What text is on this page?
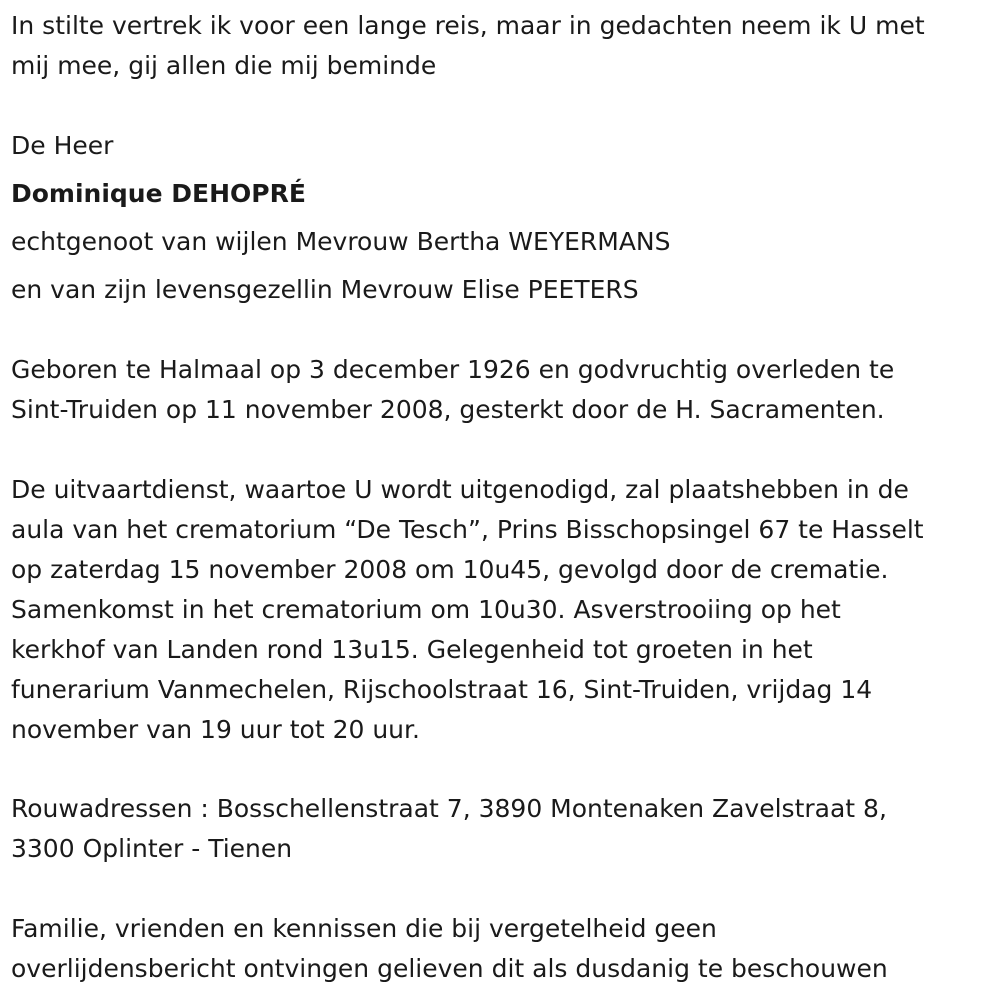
In stilte vertrek ik voor een lange reis, maar in gedachten neem ik U met
mij mee, gij allen die mij beminde

De Heer

Dominique DEHOPRÉ

echtgenoot van wijlen Mevrouw Bertha WEYERMANS

en van zijn levensgezellin Mevrouw Elise PEETERS

Geboren te Halmaal op 3 december 1926 en godvruchtig overleden te
Sint-Truiden op 11 november 2008, gesterkt door de H. Sacramenten.

De uitvaartdienst, waartoe U wordt uitgenodigd, zal plaatshebben in de
aula van het crematorium “De Tesch”, Prins Bisschopsingel 67 te Hasselt
op zaterdag 15 november 2008 om 10u45, gevolgd door de crematie.
Samenkomst in het crematorium om 10u30. Asverstrooiing op het
kerkhof van Landen rond 13u15. Gelegenheid tot groeten in het
funerarium Vanmechelen, Rijschoolstraat 16, Sint-Truiden, vrijdag 14
november van 19 uur tot 20 uur.

Rouwadressen : Bosschellenstraat 7, 3890 Montenaken Zavelstraat 8,
3300 Oplinter - Tienen

Familie, vrienden en kennissen die bij vergetelheid geen
overlijdensbericht ontvingen gelieven dit als dusdanig te beschouwen
